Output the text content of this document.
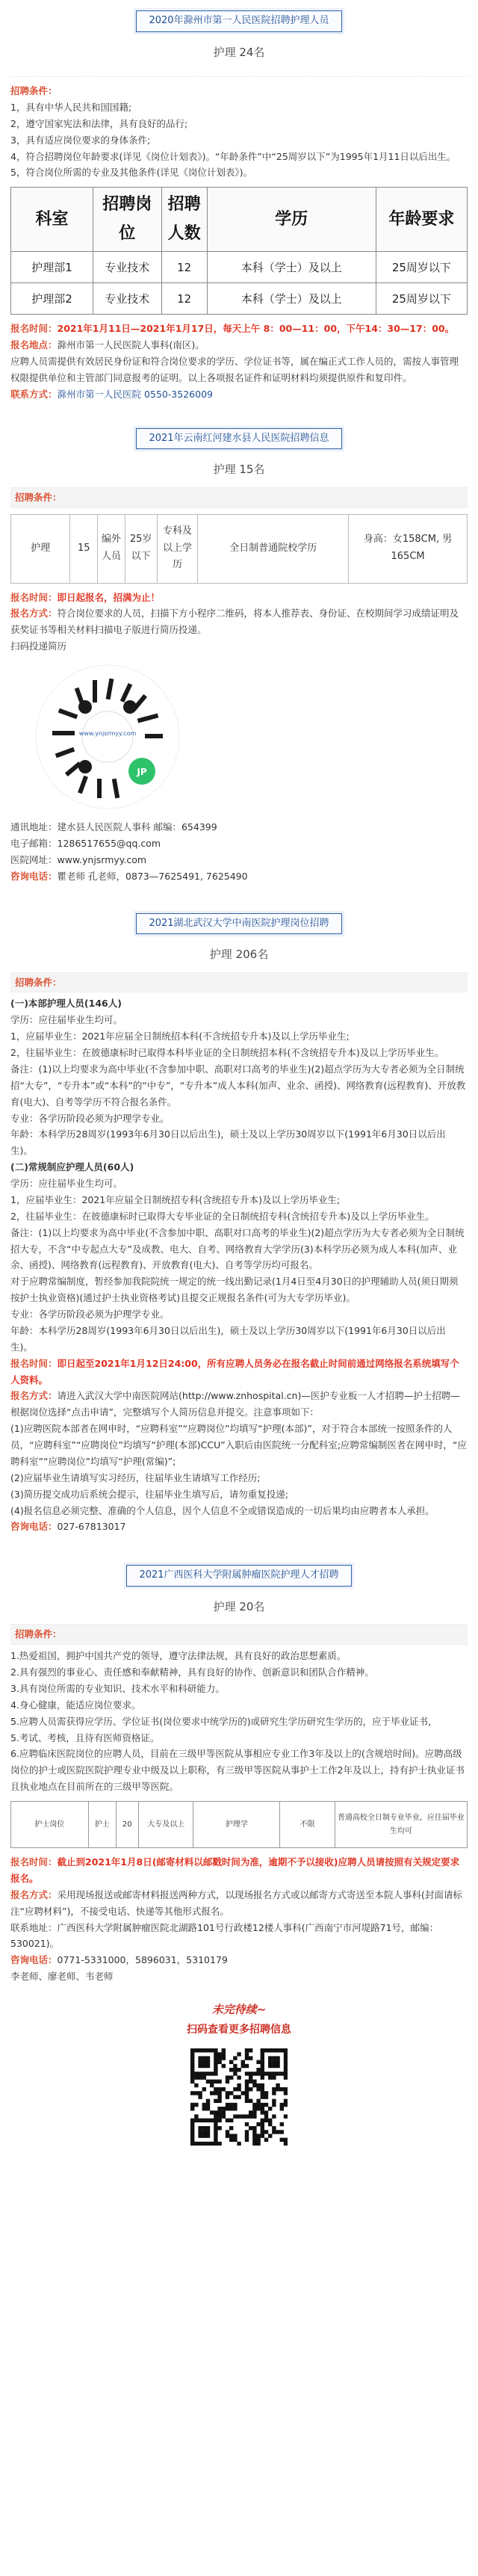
2020年滁州市第一人民医院招聘护理人员
护理 24名

招聘条件：

1，具有中华人民共和国国籍;

2，遵守国家宪法和法律，具有良好的品行;

3，具有适应岗位要求的身体条件;

4，符合招聘岗位年龄要求(详见《岗位计划表》)。“年龄条件”中“25周岁以下”为1995年1月11日以后出生。

5，符合岗位所需的专业及其他条件(详见《岗位计划表》)。

科室	招聘岗位	招聘人数	学历	年龄要求
护理部1	专业技术	12	本科（学士）及以上	25周岁以下
护理部2	专业技术	12	本科（学士）及以上	25周岁以下

报名时间：2021年1月11日—2021年1月17日，每天上午 8：00—11：00，下午14：30—17：00。

报名地点：滁州市第一人民医院人事科(南区)。

应聘人员需提供有效居民身份证和符合岗位要求的学历、学位证书等，属在编正式工作人员的，需按人事管理权限提供单位和主管部门同意报考的证明。以上各项报名证件和证明材料均须提供原件和复印件。

联系方式：滁州市第一人民医院 0550-3526009

2021年云南红河建水县人民医院招聘信息
护理 15名
招聘条件：
护理	15	编外人员	25岁以下	专科及以上学历	全日制普通院校学历	身高：女158CM, 男165CM

报名时间：即日起报名，招满为止！

报名方式：符合岗位要求的人员，扫描下方小程序二维码，将本人推荐表、身份证、在校期间学习成绩证明及获奖证书等相关材料扫描电子版进行简历投递。

扫码投递简历

www.ynjsrmyy.com
JP

通讯地址：建水县人民医院人事科 邮编：654399

电子邮箱：1286517655@qq.com

医院网址：www.ynjsrmyy.com

咨询电话：瞿老师 孔老师，0873—7625491, 7625490

2021湖北武汉大学中南医院护理岗位招聘
护理 206名
招聘条件：

(一)本部护理人员(146人)

学历：应往届毕业生均可。

1，应届毕业生：2021年应届全日制统招本科(不含统招专升本)及以上学历毕业生;

2，往届毕业生：在彼德康标时已取得本科毕业证的全日制统招本科(不含统招专升本)及以上学历毕业生。

备注：(1)以上均要求为高中毕业(不含参加中职、高职对口高考的毕业生)(2)超点学历为大专者必须为全日制统招“大专”，“专升本”或“本科”的“中专”，“专升本”成人本科(加声、业余、函授)、网络教育(远程教育)、开放教育(电大)、自考等学历不符合报名条件。

专业：各学历阶段必须为护理学专业。

年龄：本科学历28周岁(1993年6月30日以后出生)，硕士及以上学历30周岁以下(1991年6月30日以后出生)。

(二)常规制应护理人员(60人)

学历：应往届毕业生均可。

1，应届毕业生：2021年应届全日制统招专科(含统招专升本)及以上学历毕业生;

2，往届毕业生：在彼德康标时已取得大专毕业证的全日制统招专科(含统招专升本)及以上学历毕业生。

备注：(1)以上均要求为高中毕业(不含参加中职、高职对口高考的毕业生)(2)超点学历为大专者必须为全日制统招大专，不含“中专起点大专”及成教、电大、自考、网络教育大学学历(3)本科学历必须为成人本科(加声、业余、函授)、网络教育(远程教育)、开放教育(电大)、自考等学历均可报名。

对于应聘常编制度，暂经参加我院院统一规定的统一线出勤记录(1月4日至4月30日的护理辅助人员(须日期须按护士执业资格)(通过护士执业资格考试)且提交正规报名条件(可为大专学历毕业)。

专业：各学历阶段必须为护理学专业。

年龄：本科学历28周岁(1993年6月30日以后出生)，硕士及以上学历30周岁以下(1991年6月30日以后出生)。

报名时间：即日起至2021年1月12日24:00，所有应聘人员务必在报名截止时间前通过网络报名系统填写个人资料。

报名方式：请进入武汉大学中南医院网站(http://www.znhospital.cn)—医护专业板一人才招聘—护士招聘—根据岗位选择“点击申请”，完整填写个人简历信息并提交。注意事项如下：

(1)应聘医院本部者在网申时，“应聘科室”“应聘岗位”均填写“护理(本部)”，对于符合本部统一按照条件的人员，“应聘科室”“应聘岗位”均填写“护理(本部)CCU”入职后由医院统一分配科室;应聘常编制医者在网申时，“应聘科室”“应聘岗位”均填写“护理(常编)”;

(2)应届毕业生请填写实习经历，往届毕业生请填写工作经历;

(3)简历提交成功后系统会提示，往届毕业生填写后，请勿重复投递;

(4)报名信息必须完整、准确的个人信息，因个人信息不全或错误造成的一切后果均由应聘者本人承担。

咨询电话：027-67813017

2021广西医科大学附属肿瘤医院护理人才招聘
护理 20名
招聘条件：

1.热爱祖国，拥护中国共产党的领导，遵守法律法规，具有良好的政治思想素质。

2.具有强烈的事业心、责任感和奉献精神，具有良好的协作、创新意识和团队合作精神。

3.具有岗位所需的专业知识、技术水平和科研能力。

4.身心健康，能适应岗位要求。

5.应聘人员需获得应学历、学位证书(岗位要求中统学历的)或研究生学历研究生学历的，应于毕业证书，

5.考试、考核，且待有医师资格证。

6.应聘临床医院岗位的应聘人员，目前在三级甲等医院从事相应专业工作3年及以上的(含规培时间)。应聘高级岗位的护士或医院医院护理专业中级及以上职称，有三级甲等医院从事护士工作2年及以上，持有护士执业证书且执业地点在目前所在的三级甲等医院。

护士岗位	护士	20	大专及以上	护理学	不限	普通高校全日制专业毕业，应往届毕业生均可

报名时间：截止到2021年1月8日(邮寄材料以邮戳时间为准，逾期不予以接收)应聘人员请按照有关规定要求报名。

报名方式：采用现场报送或邮寄材料报送两种方式，以现场报名方式或以邮寄方式寄送至本院人事科(封面请标注“应聘材料”)，不接受电话、快递等其他形式报名。

联系地址：广西医科大学附属肿瘤医院北湖路101号行政楼12楼人事科(广西南宁市河堤路71号，邮编：530021)。

咨询电话：0771-5331000，5896031，5310179

李老师、廖老师、韦老师

未完待续~
扫码查看更多招聘信息
